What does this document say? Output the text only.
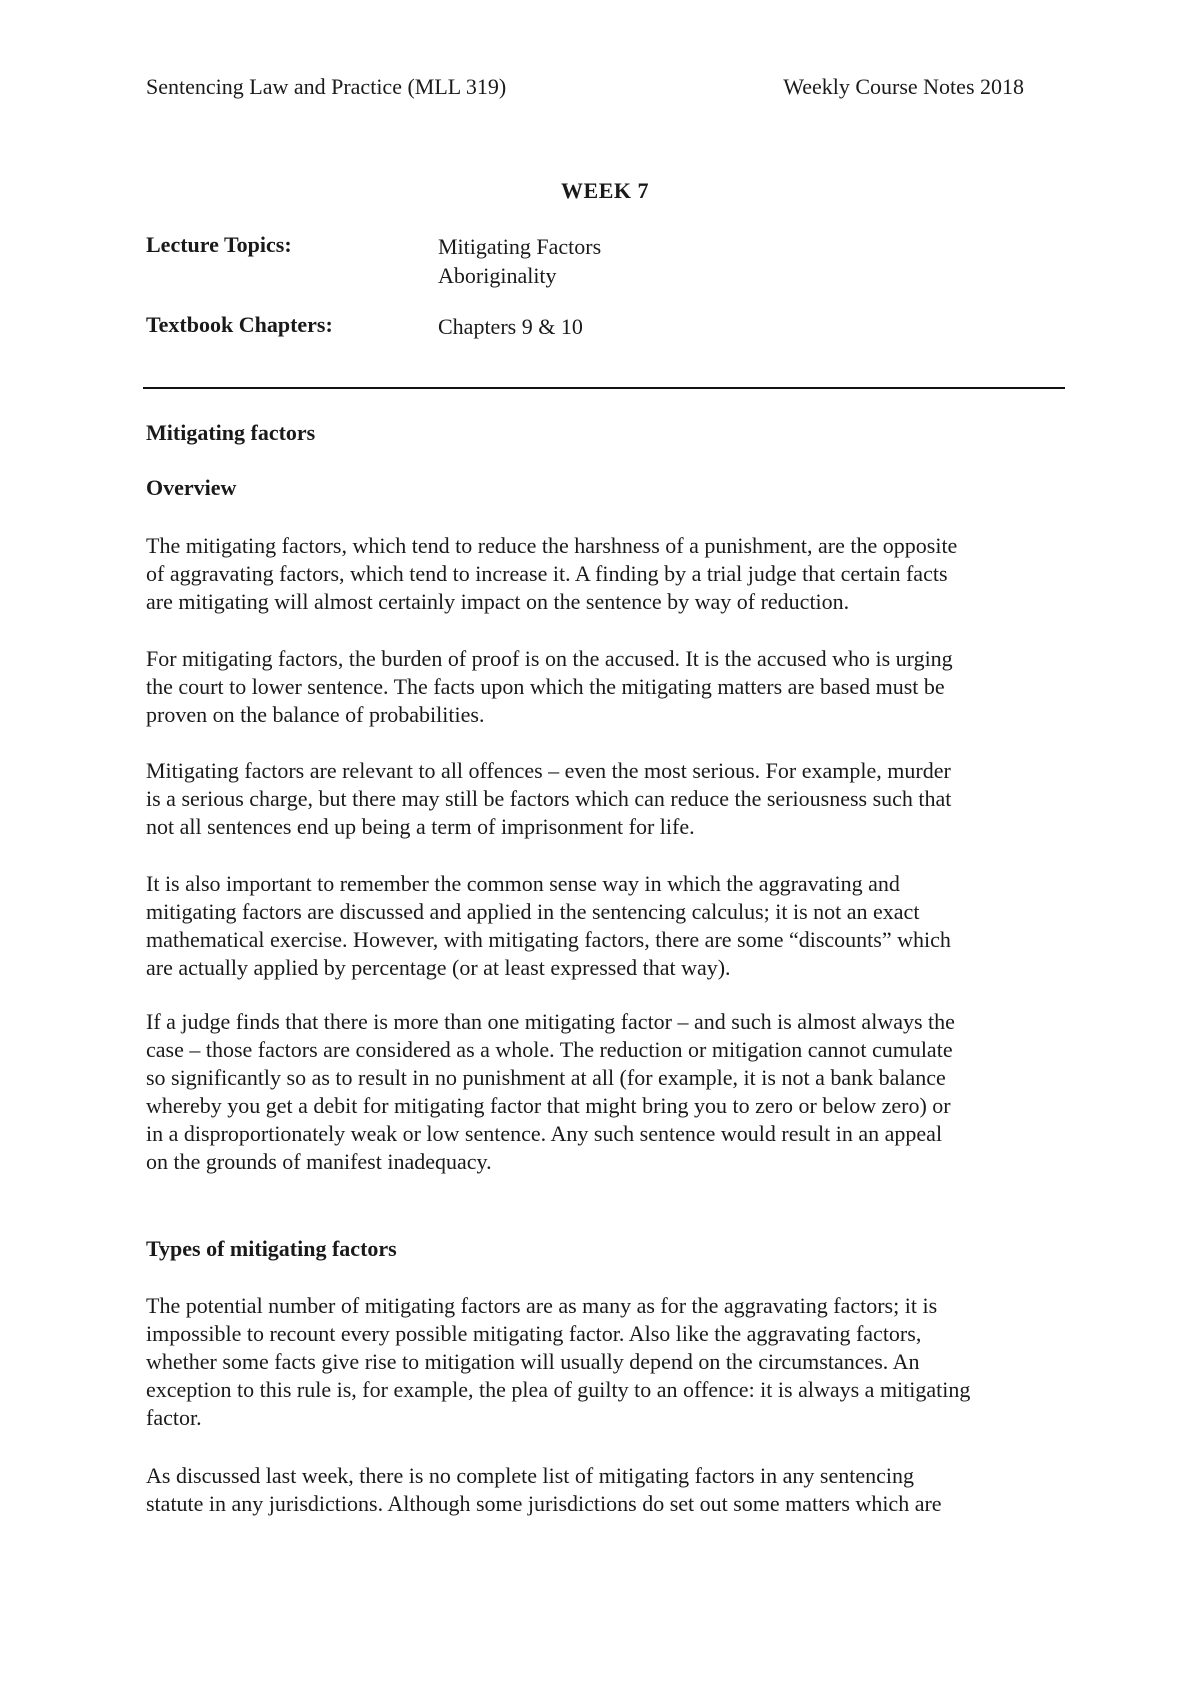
Sentencing Law and Practice (MLL 319)	Weekly Course Notes 2018
WEEK 7
Lecture Topics:	Mitigating Factors
Aboriginality
Textbook Chapters:	Chapters 9 & 10
Mitigating factors
Overview
The mitigating factors, which tend to reduce the harshness of a punishment, are the opposite
of aggravating factors, which tend to increase it. A finding by a trial judge that certain facts
are mitigating will almost certainly impact on the sentence by way of reduction.
For mitigating factors, the burden of proof is on the accused. It is the accused who is urging
the court to lower sentence. The facts upon which the mitigating matters are based must be
proven on the balance of probabilities.
Mitigating factors are relevant to all offences – even the most serious. For example, murder
is a serious charge, but there may still be factors which can reduce the seriousness such that
not all sentences end up being a term of imprisonment for life.
It is also important to remember the common sense way in which the aggravating and
mitigating factors are discussed and applied in the sentencing calculus; it is not an exact
mathematical exercise. However, with mitigating factors, there are some “discounts” which
are actually applied by percentage (or at least expressed that way).
If a judge finds that there is more than one mitigating factor – and such is almost always the
case – those factors are considered as a whole. The reduction or mitigation cannot cumulate
so significantly so as to result in no punishment at all (for example, it is not a bank balance
whereby you get a debit for mitigating factor that might bring you to zero or below zero) or
in a disproportionately weak or low sentence. Any such sentence would result in an appeal
on the grounds of manifest inadequacy.
Types of mitigating factors
The potential number of mitigating factors are as many as for the aggravating factors; it is
impossible to recount every possible mitigating factor. Also like the aggravating factors,
whether some facts give rise to mitigation will usually depend on the circumstances. An
exception to this rule is, for example, the plea of guilty to an offence: it is always a mitigating
factor.
As discussed last week, there is no complete list of mitigating factors in any sentencing
statute in any jurisdictions. Although some jurisdictions do set out some matters which are
